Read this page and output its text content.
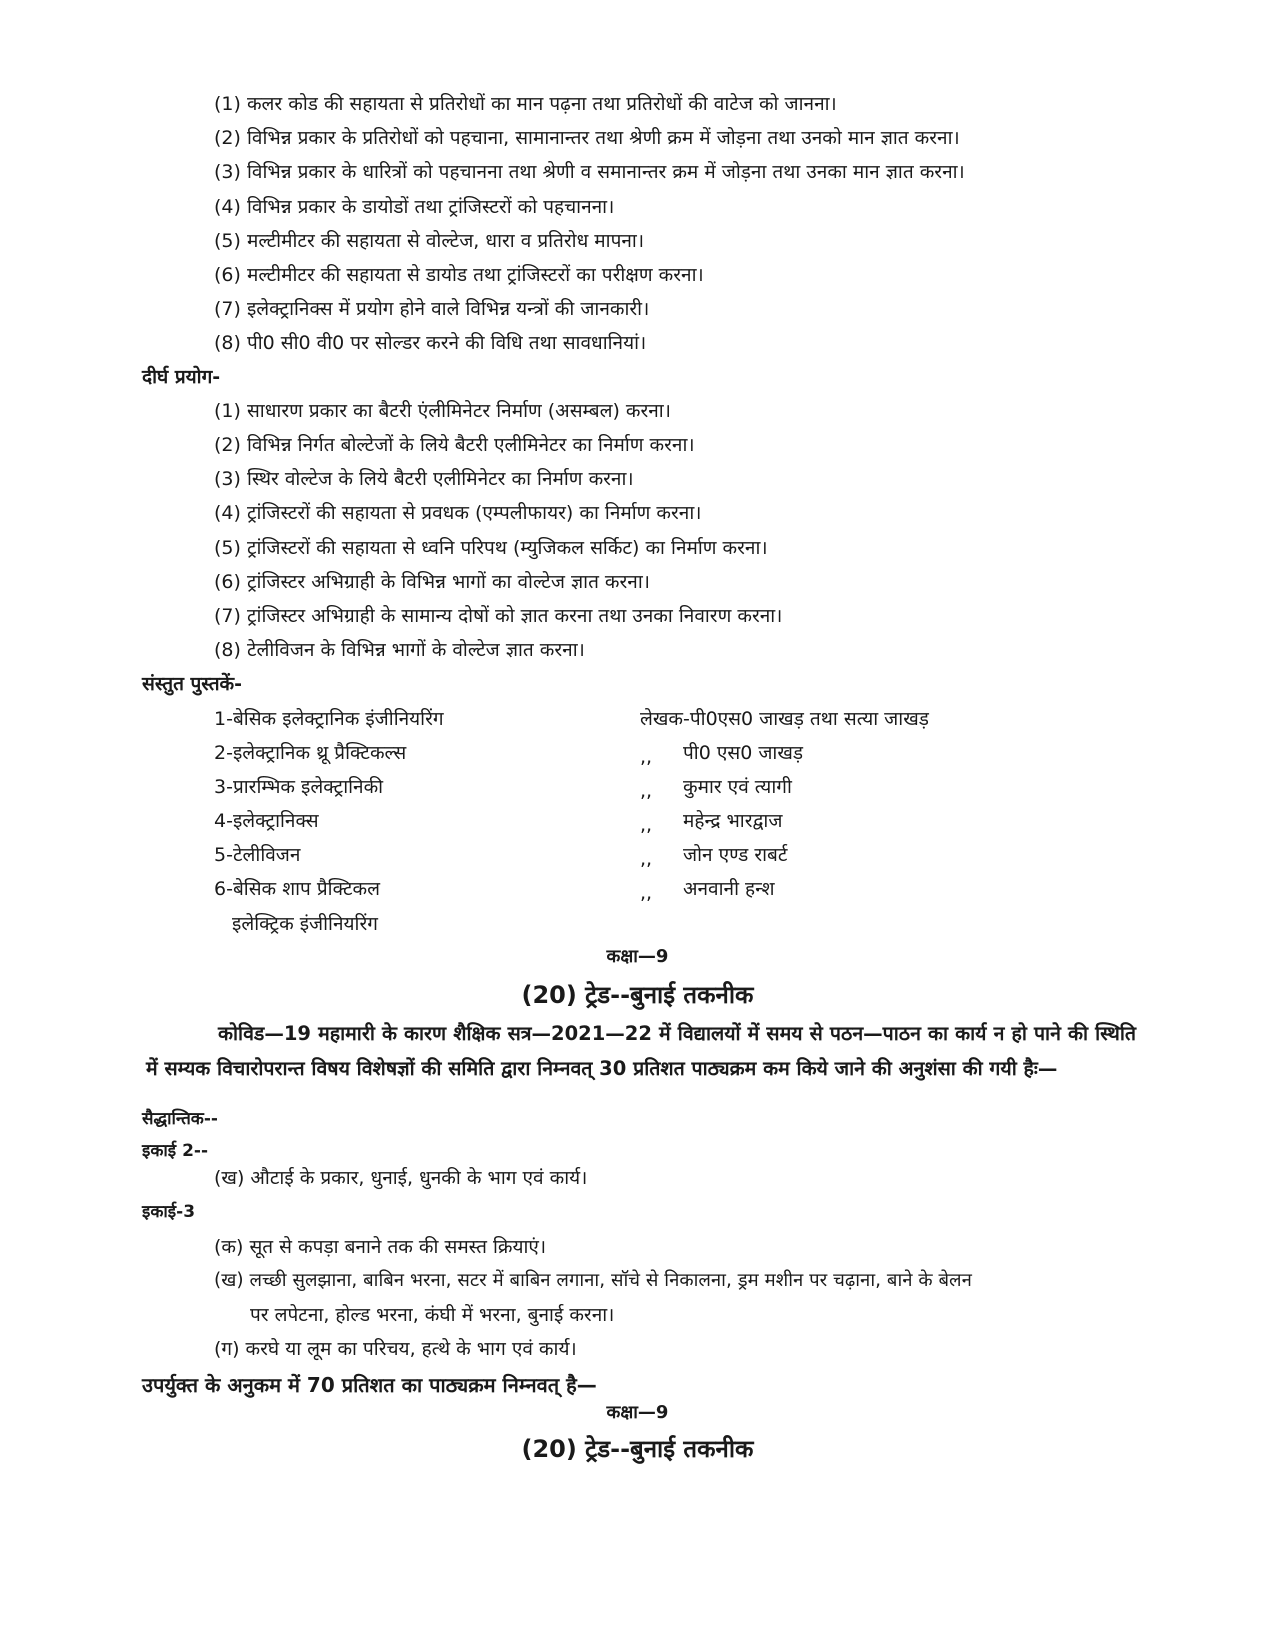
(1) कलर कोड की सहायता से प्रतिरोधों का मान पढ़ना तथा प्रतिरोधों की वाटेज को जानना।
(2) विभिन्न प्रकार के प्रतिरोधों को पहचाना, सामानान्तर तथा श्रेणी क्रम में जोड़ना तथा उनको मान ज्ञात करना।
(3) विभिन्न प्रकार के धारित्रों को पहचानना तथा श्रेणी व समानान्तर क्रम में जोड़ना तथा उनका मान ज्ञात करना।
(4) विभिन्न प्रकार के डायोडों तथा ट्रांजिस्टरों को पहचानना।
(5) मल्टीमीटर की सहायता से वोल्टेज, धारा व प्रतिरोध मापना।
(6) मल्टीमीटर की सहायता से डायोड तथा ट्रांजिस्टरों का परीक्षण करना।
(7) इलेक्ट्रानिक्स में प्रयोग होने वाले विभिन्न यन्त्रों की जानकारी।
(8) पी0 सी0 वी0 पर सोल्डर करने की विधि तथा सावधानियां।
दीर्घ प्रयोग-
(1) साधारण प्रकार का बैटरी एंलीमिनेटर निर्माण (असम्बल) करना।
(2) विभिन्न निर्गत बोल्टेजों के लिये बैटरी एलीमिनेटर का निर्माण करना।
(3) स्थिर वोल्टेज के लिये बैटरी एलीमिनेटर का निर्माण करना।
(4) ट्रांजिस्टरों की सहायता से प्रवधक (एम्पलीफायर) का निर्माण करना।
(5) ट्रांजिस्टरों की सहायता से ध्वनि परिपथ (म्युजिकल सर्किट) का निर्माण करना।
(6) ट्रांजिस्टर अभिग्राही के विभिन्न भागों का वोल्टेज ज्ञात करना।
(7) ट्रांजिस्टर अभिग्राही के सामान्य दोषों को ज्ञात करना तथा उनका निवारण करना।
(8) टेलीविजन के विभिन्न भागों के वोल्टेज ज्ञात करना।
संस्तुत पुस्तकें-
1-बेसिक इलेक्ट्रानिक इंजीनियरिंग	लेखक-पी0एस0 जाखड़ तथा सत्या जाखड़
2-इलेक्ट्रानिक थ्रू प्रैक्टिकल्स	,, पी0 एस0 जाखड़
3-प्रारम्भिक इलेक्ट्रानिकी	,, कुमार एवं त्यागी
4-इलेक्ट्रानिक्स	,, महेन्द्र भारद्वाज
5-टेलीविजन	,, जोन एण्ड राबर्ट
6-बेसिक शाप प्रैक्टिकल	,, अनवानी हन्श
इलेक्ट्रिक इंजीनियरिंग
कक्षा—9
(20) ट्रेड--बुनाई तकनीक
कोविड—19 महामारी के कारण शैक्षिक सत्र—2021—22 में विद्यालयों में समय से पठन—पाठन का कार्य न हो पाने की स्थिति में सम्यक विचारोपरान्त विषय विशेषज्ञों की समिति द्वारा निम्नवत् 30 प्रतिशत पाठ्यक्रम कम किये जाने की अनुशंसा की गयी हैः—
सैद्धान्तिक--
इकाई 2--
(ख) औटाई के प्रकार, धुनाई, धुनकी के भाग एवं कार्य।
इकाई-3
(क) सूत से कपड़ा बनाने तक की समस्त क्रियाएं।
(ख) लच्छी सुलझाना, बाबिन भरना, सटर में बाबिन लगाना, सॉचे से निकालना, ड्रम मशीन पर चढ़ाना, बाने के बेलन
पर लपेटना, होल्ड भरना, कंघी में भरना, बुनाई करना।
(ग) करघे या लूम का परिचय, हत्थे के भाग एवं कार्य।
उपर्युक्त के अनुकम में 70 प्रतिशत का पाठ्यक्रम निम्नवत् है—
कक्षा—9
(20) ट्रेड--बुनाई तकनीक
